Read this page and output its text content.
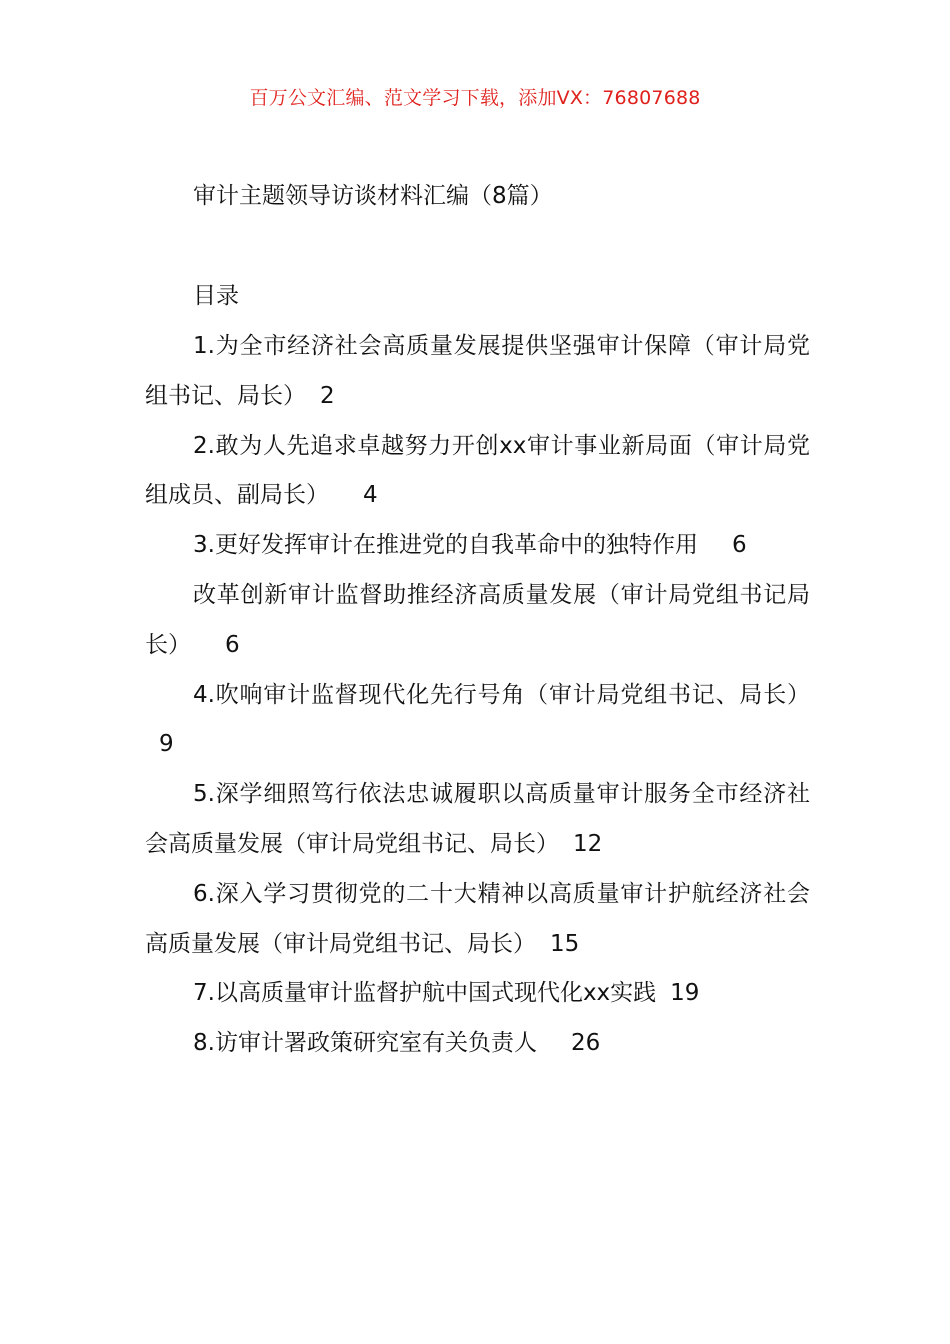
百万公文汇编、范文学习下载，添加VX：76807688
审计主题领导访谈材料汇编（8篇）
目录
1.为全市经济社会高质量发展提供坚强审计保障（审计局党组书记、局长） 2
2.敢为人先追求卓越努力开创xx审计事业新局面（审计局党组成员、副局长） 4
3.更好发挥审计在推进党的自我革命中的独特作用 6
改革创新审计监督助推经济高质量发展（审计局党组书记局长） 6
4.吹响审计监督现代化先行号角（审计局党组书记、局长）9
5.深学细照笃行依法忠诚履职以高质量审计服务全市经济社会高质量发展（审计局党组书记、局长） 12
6.深入学习贯彻党的二十大精神以高质量审计护航经济社会高质量发展（审计局党组书记、局长） 15
7.以高质量审计监督护航中国式现代化xx实践 19
8.访审计署政策研究室有关负责人 26
